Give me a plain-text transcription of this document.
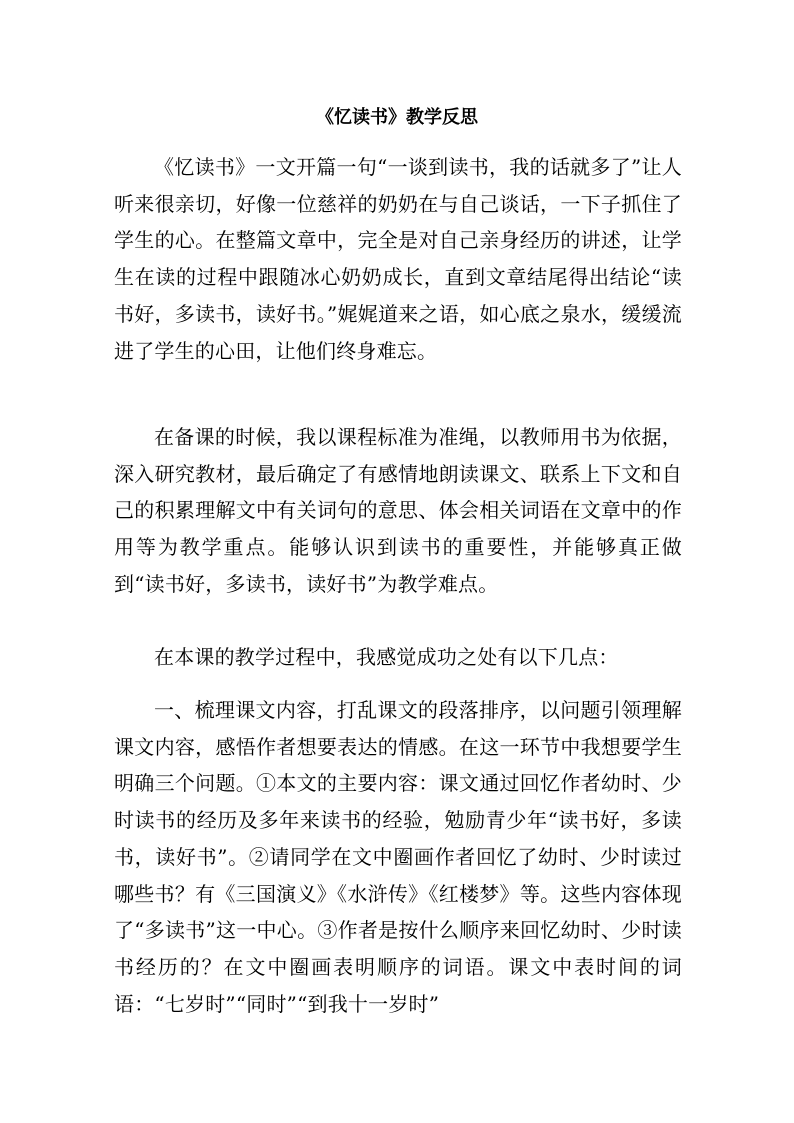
《忆读书》教学反思

《忆读书》一文开篇一句“一谈到读书，我的话就多了”让人听来很亲切，好像一位慈祥的奶奶在与自己谈话，一下子抓住了学生的心。在整篇文章中，完全是对自己亲身经历的讲述，让学生在读的过程中跟随冰心奶奶成长，直到文章结尾得出结论“读书好，多读书，读好书。”娓娓道来之语，如心底之泉水，缓缓流进了学生的心田，让他们终身难忘。

在备课的时候，我以课程标准为准绳，以教师用书为依据，深入研究教材，最后确定了有感情地朗读课文、联系上下文和自己的积累理解文中有关词句的意思、体会相关词语在文章中的作用等为教学重点。能够认识到读书的重要性，并能够真正做到“读书好，多读书，读好书”为教学难点。

在本课的教学过程中，我感觉成功之处有以下几点：

一、梳理课文内容，打乱课文的段落排序，以问题引领理解课文内容，感悟作者想要表达的情感。在这一环节中我想要学生明确三个问题。①本文的主要内容：课文通过回忆作者幼时、少时读书的经历及多年来读书的经验，勉励青少年“读书好，多读书，读好书”。②请同学在文中圈画作者回忆了幼时、少时读过哪些书？有《三国演义》《水浒传》《红楼梦》等。这些内容体现了“多读书”这一中心。③作者是按什么顺序来回忆幼时、少时读书经历的？在文中圈画表明顺序的词语。课文中表时间的词语：“七岁时”“同时”“到我十一岁时”
